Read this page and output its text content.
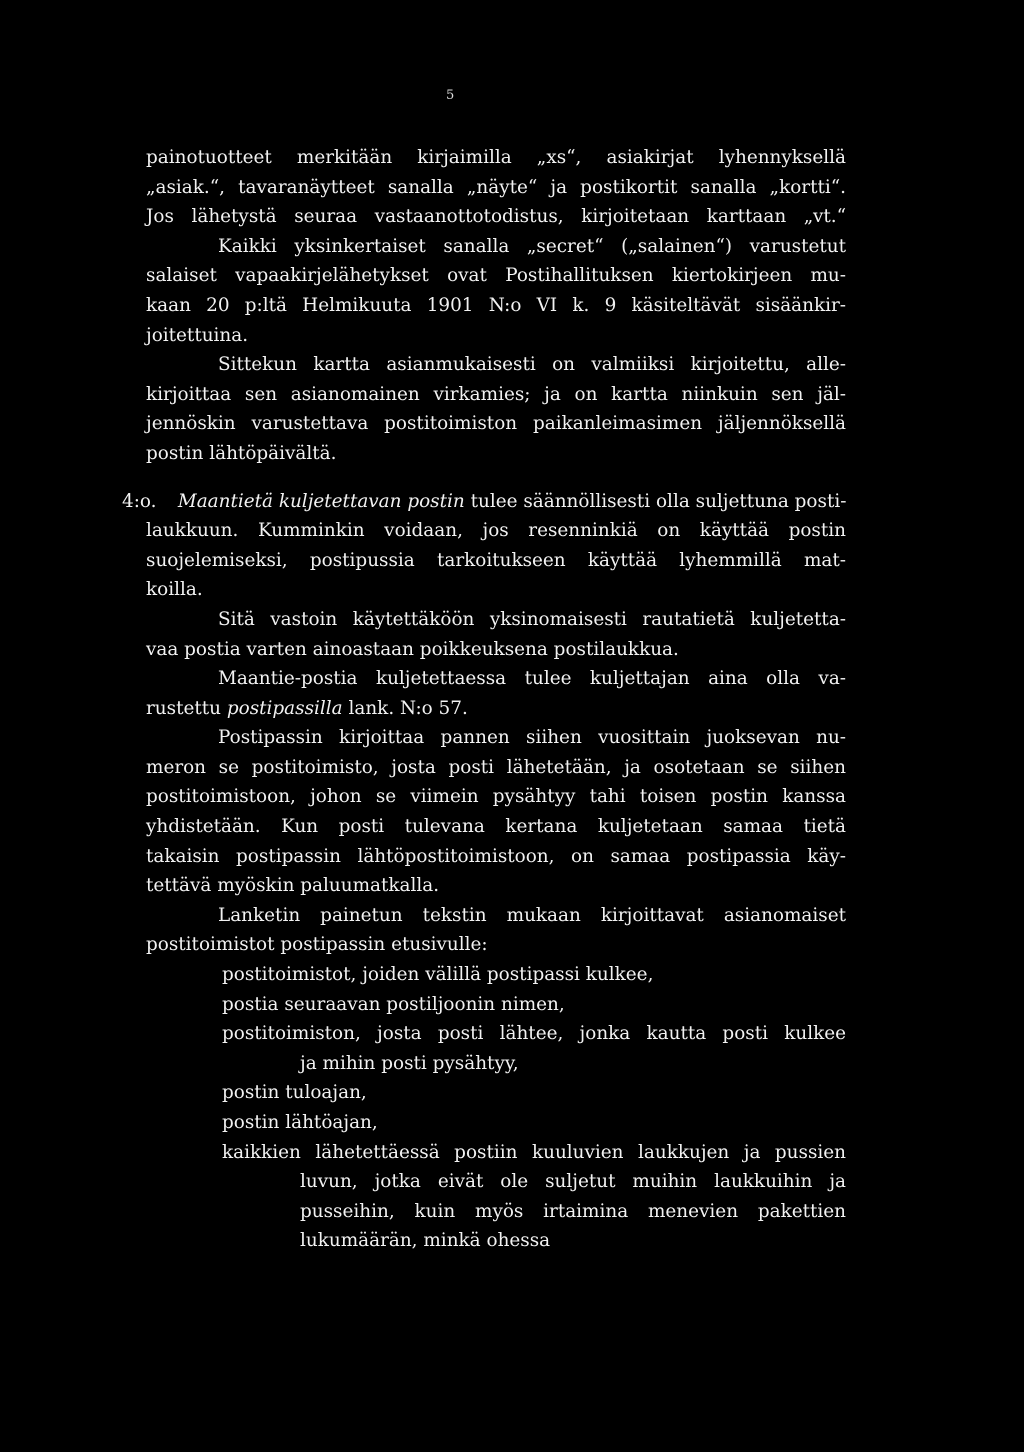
5
painotuotteet merkitään kirjaimilla „xs“, asiakirjat lyhennyksellä
„asiak.“, tavaranäytteet sanalla „näyte“ ja postikortit sanalla „kortti“.
Jos lähetystä seuraa vastaanottotodistus, kirjoitetaan karttaan „vt.“
Kaikki yksinkertaiset sanalla „secret“ („salainen“) varustetut
salaiset vapaakirjelähetykset ovat Postihallituksen kiertokirjeen mu-
kaan 20 p:ltä Helmikuuta 1901 N:o VI k. 9 käsiteltävät sisäänkir-
joitettuina.
Sittekun kartta asianmukaisesti on valmiiksi kirjoitettu, alle-
kirjoittaa sen asianomainen virkamies; ja on kartta niinkuin sen jäl-
jennöskin varustettava postitoimiston paikanleimasimen jäljennöksellä
postin lähtöpäivältä.
4:o. Maantietä kuljetettavan postin tulee säännöllisesti olla suljettuna posti-
laukkuun. Kumminkin voidaan, jos resenninkiä on käyttää postin
suojelemiseksi, postipussia tarkoitukseen käyttää lyhemmillä mat-
koilla.
Sitä vastoin käytettäköön yksinomaisesti rautatietä kuljetetta-
vaa postia varten ainoastaan poikkeuksena postilaukkua.
Maantie-postia kuljetettaessa tulee kuljettajan aina olla va-
rustettu postipassilla lank. N:o 57.
Postipassin kirjoittaa pannen siihen vuosittain juoksevan nu-
meron se postitoimisto, josta posti lähetetään, ja osotetaan se siihen
postitoimistoon, johon se viimein pysähtyy tahi toisen postin kanssa
yhdistetään. Kun posti tulevana kertana kuljetetaan samaa tietä
takaisin postipassin lähtöpostitoimistoon, on samaa postipassia käy-
tettävä myöskin paluumatkalla.
Lanketin painetun tekstin mukaan kirjoittavat asianomaiset
postitoimistot postipassin etusivulle:
postitoimistot, joiden välillä postipassi kulkee,
postia seuraavan postiljoonin nimen,
postitoimiston, josta posti lähtee, jonka kautta posti kulkee
ja mihin posti pysähtyy,
postin tuloajan,
postin lähtöajan,
kaikkien lähetettäessä postiin kuuluvien laukkujen ja pussien
luvun, jotka eivät ole suljetut muihin laukkuihin ja
pusseihin, kuin myös irtaimina menevien pakettien
lukumäärän, minkä ohessa
